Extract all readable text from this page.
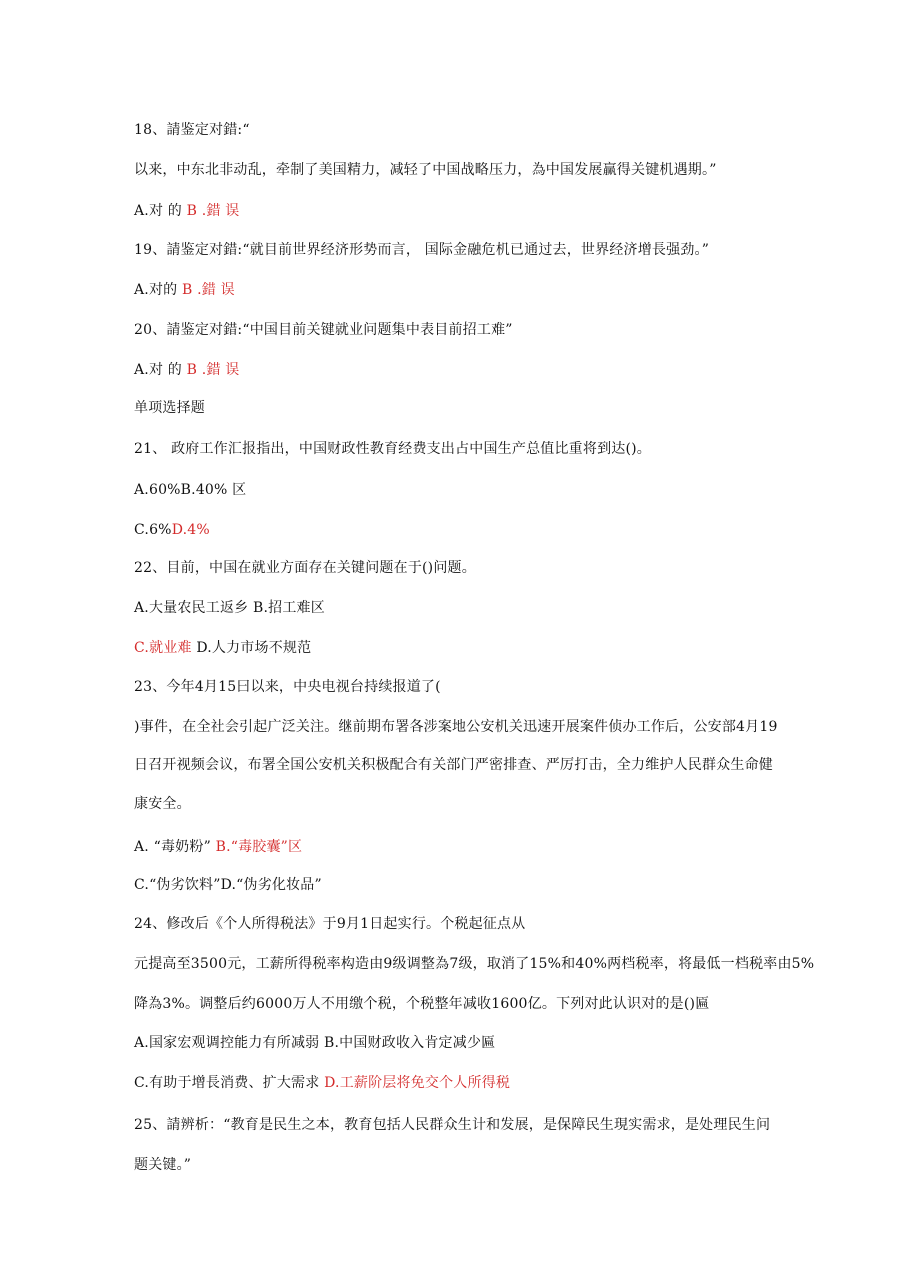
18、請鉴定对錯:“
以来，中东北非动乱，牵制了美国精力，减轻了中国战略压力，為中国发展赢得关键机遇期。”
A.对 的 B .錯 误
19、請鉴定对錯:“就目前世界经济形势而言， 国际金融危机已通过去，世界经济增長强劲。”
A.对的 B .錯 误
20、請鉴定对錯:“中国目前关键就业问题集中表目前招工难”
A.对 的 B .錯 误
单项选择题
21、 政府工作汇报指出，中国财政性教育经费支出占中国生产总值比重将到达()。
A.60%B.40% 区
C.6%D.4%
22、目前，中国在就业方面存在关键问题在于()问题。
A.大量农民工返乡 B.招工难区
C.就业难 D.人力市场不规范
23、今年4月15曰以来，中央电视台持续报道了(
)事件，在全社会引起广泛关注。继前期布署各涉案地公安机关迅速开展案件侦办工作后，公安部4月19
日召开视频会议，布署全国公安机关积极配合有关部门严密排查、严厉打击，全力维护人民群众生命健
康安全。
A. “毒奶粉” B.“毒胶囊”区
C.“伪劣饮料”D.“伪劣化妆品”
24、修改后《个人所得税法》于9月1日起实行。个税起征点从
元提高至3500元，工薪所得税率构造由9级调整為7级，取消了15%和40%两档税率，将最低一档税率由5%
降為3%。调整后约6000万人不用缴个税，个税整年减收1600亿。下列对此认识对的是()匾
A.国家宏观调控能力有所减弱 B.中国财政收入肯定减少匾
C.有助于增長消费、扩大需求 D.工薪阶层将免交个人所得税
25、請辨析：“教育是民生之本，教育包括人民群众生计和发展，是保障民生現实需求，是处理民生问
题关键。”
